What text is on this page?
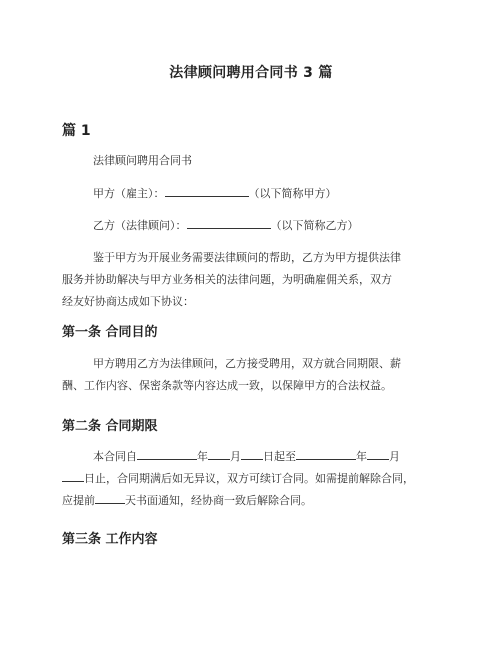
法律顾问聘用合同书 3 篇
篇 1
法律顾问聘用合同书
甲方（雇主）：	（以下简称甲方）
乙方（法律顾问）：	（以下简称乙方）
鉴于甲方为开展业务需要法律顾问的帮助，乙方为甲方提供法律
服务并协助解决与甲方业务相关的法律问题，为明确雇佣关系，双方
经友好协商达成如下协议：
第一条 合同目的
甲方聘用乙方为法律顾问，乙方接受聘用，双方就合同期限、薪
酬、工作内容、保密条款等内容达成一致，以保障甲方的合法权益。
第二条 合同期限
本合同自	年 月 日起至	年 月
日止，合同期满后如无异议，双方可续订合同。如需提前解除合同，
应提前	天书面通知，经协商一致后解除合同。
第三条 工作内容
